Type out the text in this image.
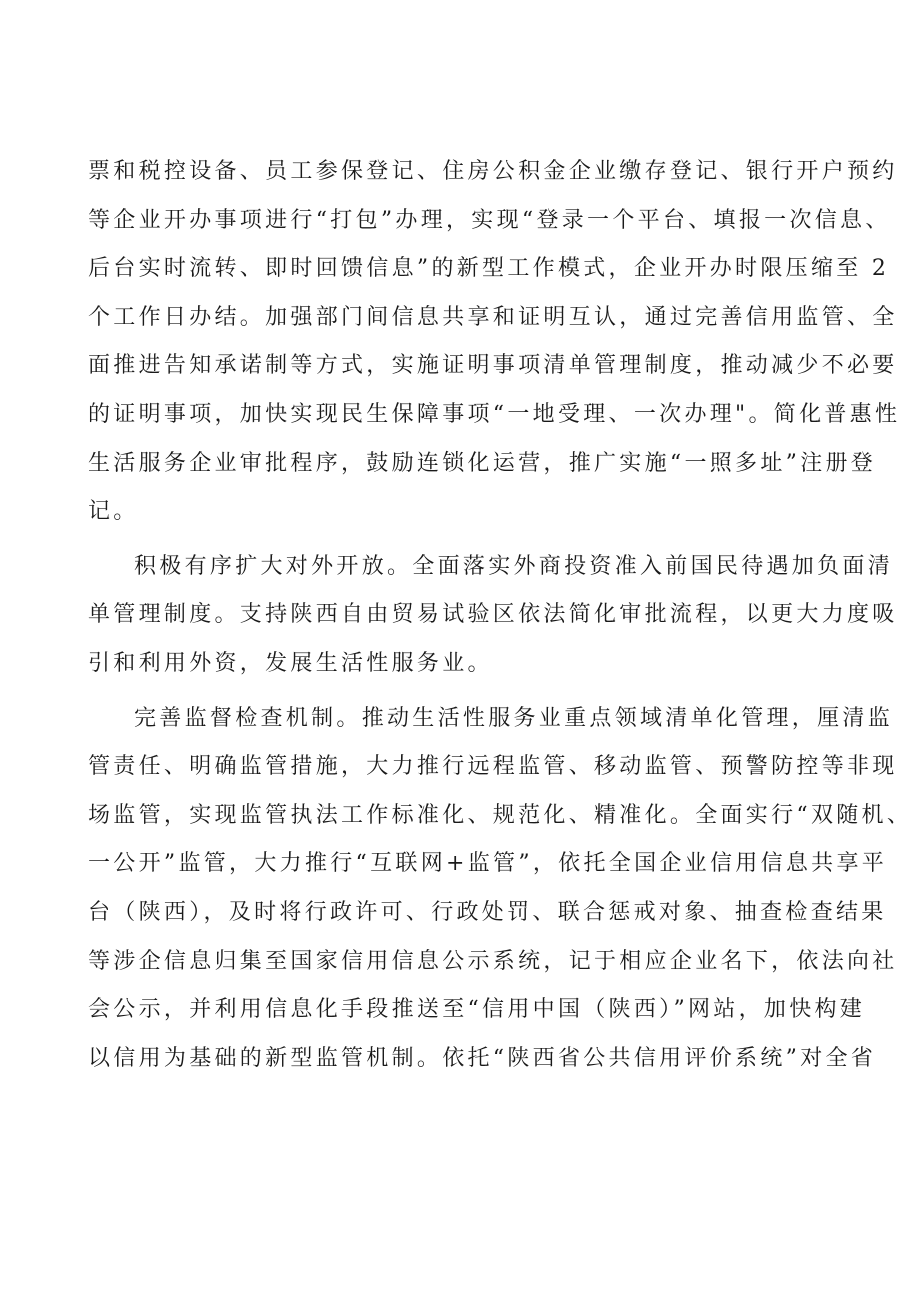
票和税控设备、员工参保登记、住房公积金企业缴存登记、银行开户预约
等企业开办事项进行“打包”办理，实现“登录一个平台、填报一次信息、
后台实时流转、即时回馈信息”的新型工作模式，企业开办时限压缩至 2
个工作日办结。加强部门间信息共享和证明互认，通过完善信用监管、全
面推进告知承诺制等方式，实施证明事项清单管理制度，推动减少不必要
的证明事项，加快实现民生保障事项“一地受理、一次办理"。简化普惠性
生活服务企业审批程序，鼓励连锁化运营，推广实施“一照多址”注册登
记。
积极有序扩大对外开放。全面落实外商投资准入前国民待遇加负面清
单管理制度。支持陕西自由贸易试验区依法简化审批流程，以更大力度吸
引和利用外资，发展生活性服务业。
完善监督检查机制。推动生活性服务业重点领域清单化管理，厘清监
管责任、明确监管措施，大力推行远程监管、移动监管、预警防控等非现
场监管，实现监管执法工作标准化、规范化、精准化。全面实行“双随机、
一公开”监管，大力推行“互联网+监管”，依托全国企业信用信息共享平
台（陕西），及时将行政许可、行政处罚、联合惩戒对象、抽查检查结果
等涉企信息归集至国家信用信息公示系统，记于相应企业名下，依法向社
会公示，并利用信息化手段推送至“信用中国（陕西）”网站，加快构建
以信用为基础的新型监管机制。依托“陕西省公共信用评价系统”对全省
